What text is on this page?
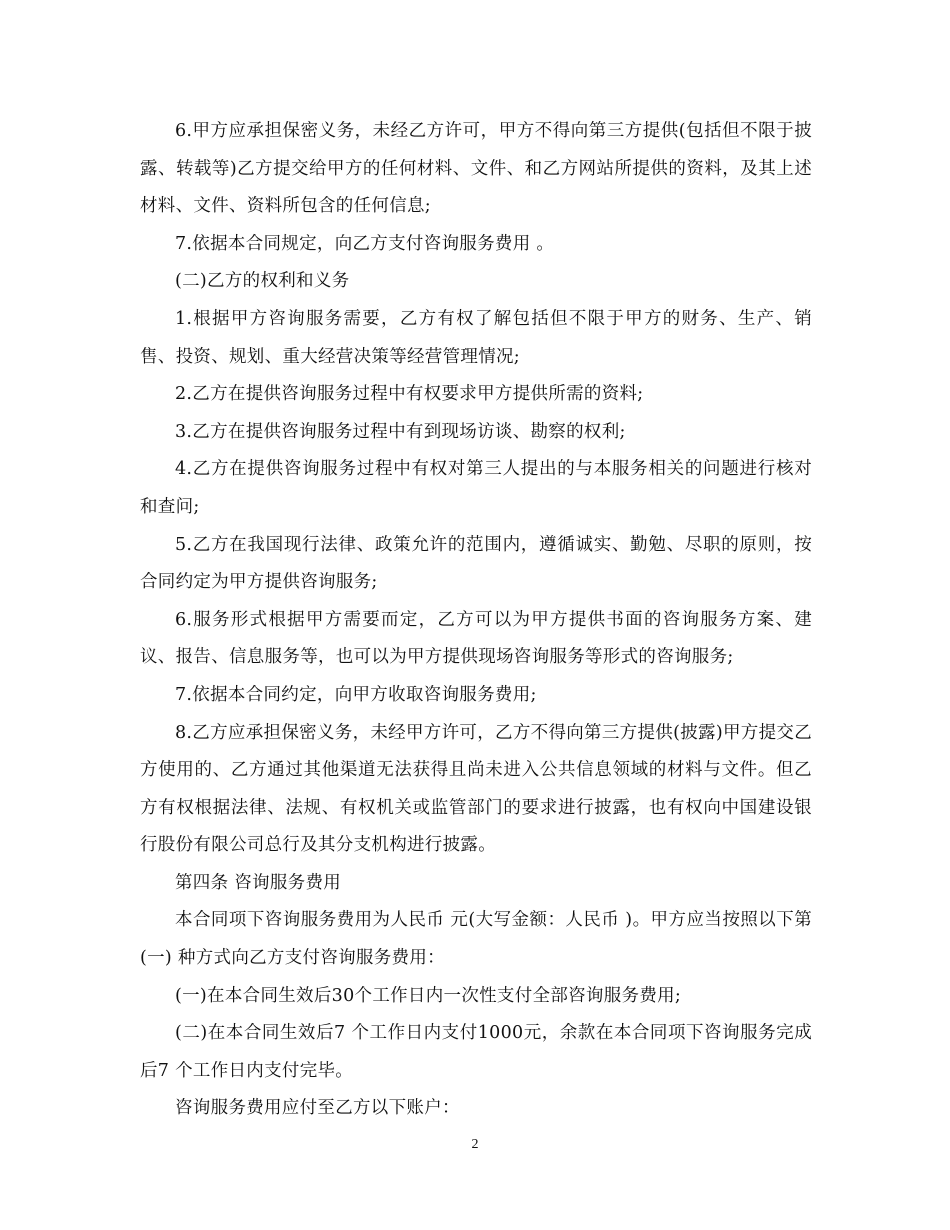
6.甲方应承担保密义务，未经乙方许可，甲方不得向第三方提供(包括但不限于披露、转载等)乙方提交给甲方的任何材料、文件、和乙方网站所提供的资料，及其上述材料、文件、资料所包含的任何信息;

7.依据本合同规定，向乙方支付咨询服务费用 。

(二)乙方的权利和义务

1.根据甲方咨询服务需要，乙方有权了解包括但不限于甲方的财务、生产、销售、投资、规划、重大经营决策等经营管理情况;

2.乙方在提供咨询服务过程中有权要求甲方提供所需的资料;

3.乙方在提供咨询服务过程中有到现场访谈、勘察的权利;

4.乙方在提供咨询服务过程中有权对第三人提出的与本服务相关的问题进行核对和查问;

5.乙方在我国现行法律、政策允许的范围内，遵循诚实、勤勉、尽职的原则，按合同约定为甲方提供咨询服务;

6.服务形式根据甲方需要而定，乙方可以为甲方提供书面的咨询服务方案、建议、报告、信息服务等，也可以为甲方提供现场咨询服务等形式的咨询服务;

7.依据本合同约定，向甲方收取咨询服务费用;

8.乙方应承担保密义务，未经甲方许可，乙方不得向第三方提供(披露)甲方提交乙方使用的、乙方通过其他渠道无法获得且尚未进入公共信息领域的材料与文件。但乙方有权根据法律、法规、有权机关或监管部门的要求进行披露，也有权向中国建设银行股份有限公司总行及其分支机构进行披露。

第四条 咨询服务费用

本合同项下咨询服务费用为人民币 元(大写金额：人民币 )。甲方应当按照以下第(一) 种方式向乙方支付咨询服务费用：

(一)在本合同生效后30个工作日内一次性支付全部咨询服务费用;

(二)在本合同生效后7 个工作日内支付1000元，余款在本合同项下咨询服务完成后7 个工作日内支付完毕。

咨询服务费用应付至乙方以下账户：

2
